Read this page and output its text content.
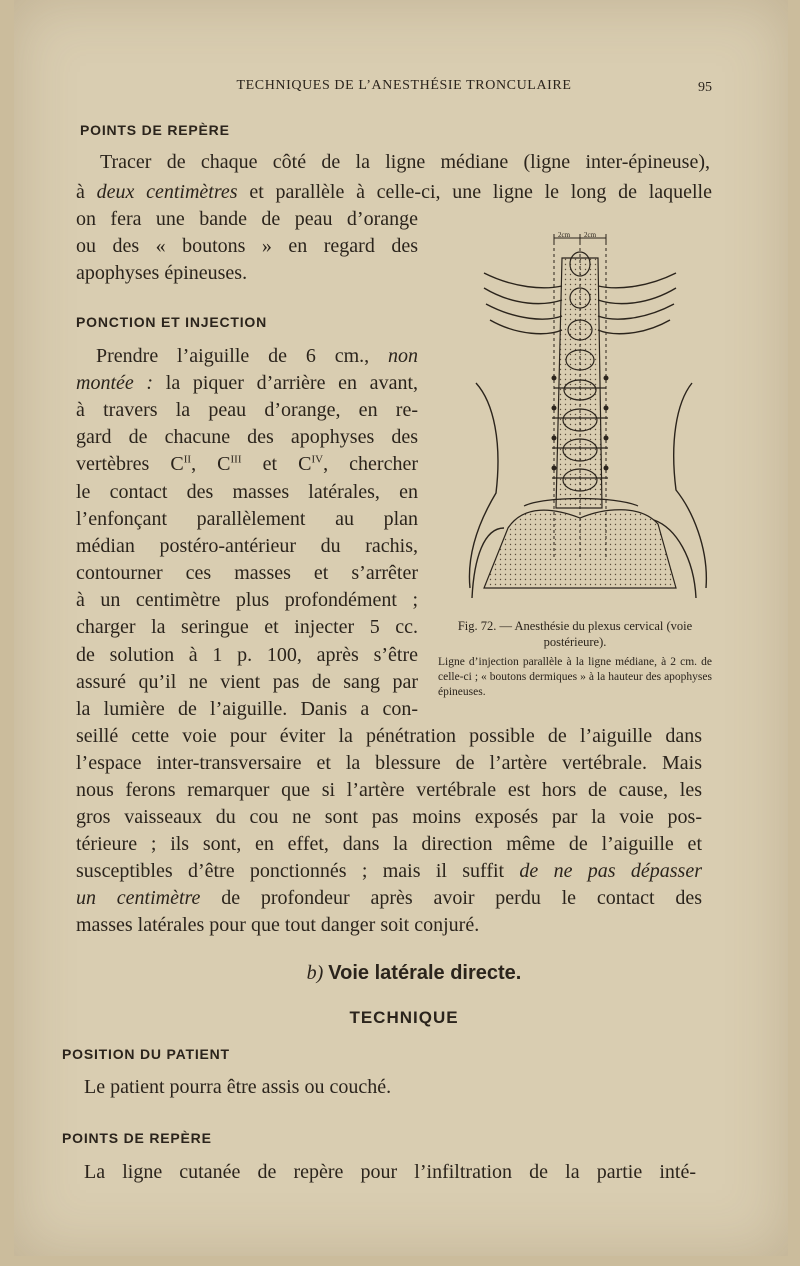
TECHNIQUES DE L’ANESTHÉSIE TRONCULAIRE	95
POINTS DE REPÈRE
Tracer de chaque côté de la ligne médiane (ligne inter-épineuse),
à deux centimètres et parallèle à celle-ci, une ligne le long de laquelle
on fera une bande de peau d’orange
ou des « boutons » en regard des
apophyses épineuses.
PONCTION ET INJECTION
Prendre l’aiguille de 6 cm., non
montée : la piquer d’arrière en avant,
à travers la peau d’orange, en re-
gard de chacune des apophyses des
vertèbres $C^{II}$, $C^{III}$ et $C^{IV}$, chercher
le contact des masses latérales, en
l’enfonçant parallèlement au plan
médian postéro-antérieur du rachis,
contourner ces masses et s’arrêter
à un centimètre plus profondément ;
charger la seringue et injecter 5 cc.
de solution à 1 p. 100, après s’être
assuré qu’il ne vient pas de sang par
la lumière de l’aiguille. Danis a con-
seillé cette voie pour éviter la pénétration possible de l’aiguille dans
l’espace inter-transversaire et la blessure de l’artère vertébrale. Mais
nous ferons remarquer que si l’artère vertébrale est hors de cause, les
gros vaisseaux du cou ne sont pas moins exposés par la voie pos-
térieure ; ils sont, en effet, dans la direction même de l’aiguille et
susceptibles d’être ponctionnés ; mais il suffit de ne pas dépasser
un centimètre de profondeur après avoir perdu le contact des
masses latérales pour que tout danger soit conjuré.
2cm 2cm
Fig. 72. — Anesthésie du plexus cervical (voie postérieure).
Ligne d’injection parallèle à la ligne médiane, à 2 cm. de celle-ci ; « boutons dermiques » à la hauteur des apophyses épineuses.
b) Voie latérale directe.
TECHNIQUE
POSITION DU PATIENT
Le patient pourra être assis ou couché.
POINTS DE REPÈRE
La ligne cutanée de repère pour l’infiltration de la partie inté-
